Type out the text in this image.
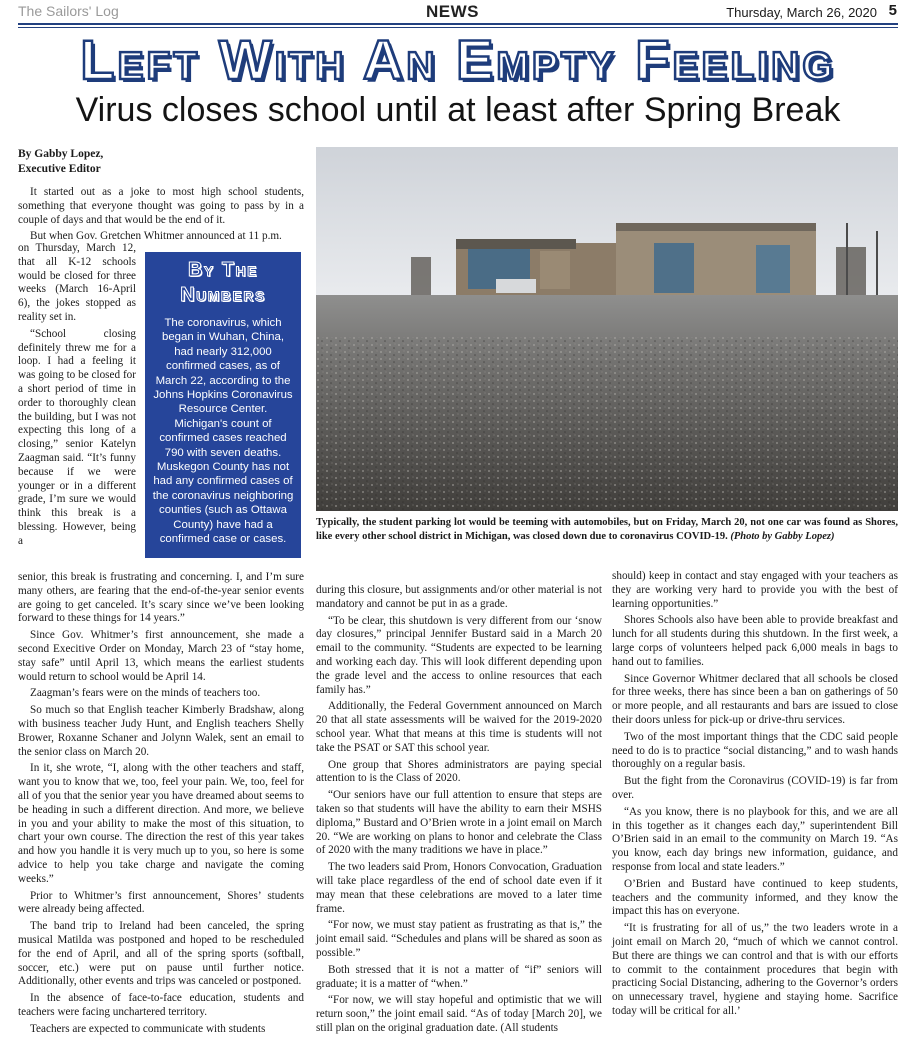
The Sailors' Log	NEWS	Thursday, March 26, 2020 5
Left With An Empty Feeling
Virus closes school until at least after Spring Break
By Gabby Lopez,
Executive Editor

It started out as a joke to most high school students, something that everyone thought was going to pass by in a couple of days and that would be the end of it.

But when Gov. Gretchen Whitmer announced at 11 p.m.

on Thursday, March 12, that all K-12 schools would be closed for three weeks (March 16-April 6), the jokes stopped as reality set in.

“School closing definitely threw me for a loop. I had a feeling it was going to be closed for a short period of time in order to thoroughly clean the building, but I was not expecting this long of a closing,” senior Katelyn Zaagman said. “It’s funny because if we were younger or in a different grade, I’m sure we would think this break is a blessing. However, being a

By The
Numbers
The coronavirus, which began in Wuhan, China, had nearly 312,000 confirmed cases, as of March 22, according to the Johns Hopkins Coronavirus Resource Center. Michigan's count of confirmed cases reached 790 with seven deaths. Muskegon County has not had any confirmed cases of the coronavirus neighboring counties (such as Ottawa County) have had a confirmed case or cases.

senior, this break is frustrating and concerning. I, and I’m sure many others, are fearing that the end-of-the-year senior events are going to get canceled. It’s scary since we’ve been looking forward to these things for 14 years.”

Since Gov. Whitmer’s first announcement, she made a second Execitive Order on Monday, March 23 of “stay home, stay safe” until April 13, which means the earliest students would return to school would be April 14.

Zaagman’s fears were on the minds of teachers too.

So much so that English teacher Kimberly Bradshaw, along with business teacher Judy Hunt, and English teachers Shelly Brower, Roxanne Schaner and Jolynn Walek, sent an email to the senior class on March 20.

In it, she wrote, “I, along with the other teachers and staff, want you to know that we, too, feel your pain. We, too, feel for all of you that the senior year you have dreamed about seems to be heading in such a different direction. And more, we believe in you and your ability to make the most of this situation, to chart your own course. The direction the rest of this year takes and how you handle it is very much up to you, so here is some advice to help you take charge and navigate the coming weeks.”

Prior to Whitmer’s first announcement, Shores’ students were already being affected.

The band trip to Ireland had been canceled, the spring musical Matilda was postponed and hoped to be rescheduled for the end of April, and all of the spring sports (softball, soccer, etc.) were put on pause until further notice. Additionally, other events and trips was canceled or postponed.

In the absence of face-to-face education, students and teachers were facing unchartered territory.

Teachers are expected to communicate with students

Typically, the student parking lot would be teeming with automobiles, but on Friday, March 20, not one car was found as Shores, like every other school district in Michigan, was closed down due to coronavirus COVID-19. (Photo by Gabby Lopez)

during this closure, but assignments and/or other material is not mandatory and cannot be put in as a grade.

“To be clear, this shutdown is very different from our ‘snow day closures,” principal Jennifer Bustard said in a March 20 email to the community. “Students are expected to be learning and working each day. This will look different depending upon the grade level and the access to online resources that each family has.”

Additionally, the Federal Government announced on March 20 that all state assessments will be waived for the 2019-2020 school year. What that means at this time is students will not take the PSAT or SAT this school year.

One group that Shores administrators are paying special attention to is the Class of 2020.

“Our seniors have our full attention to ensure that steps are taken so that students will have the ability to earn their MSHS diploma,” Bustard and O’Brien wrote in a joint email on March 20. “We are working on plans to honor and celebrate the Class of 2020 with the many traditions we have in place.”

The two leaders said Prom, Honors Convocation, Graduation will take place regardless of the end of school date even if it may mean that these celebrations are moved to a later time frame.

“For now, we must stay patient as frustrating as that is,” the joint email said. “Schedules and plans will be shared as soon as possible.”

Both stressed that it is not a matter of “if” seniors will graduate; it is a matter of “when.”

“For now, we will stay hopeful and optimistic that we will return soon,” the joint email said. “As of today [March 20], we still plan on the original graduation date. (All students

should) keep in contact and stay engaged with your teachers as they are working very hard to provide you with the best of learning opportunities.”

Shores Schools also have been able to provide breakfast and lunch for all students during this shutdown. In the first week, a large corps of volunteers helped pack 6,000 meals in bags to hand out to families.

Since Governor Whitmer declared that all schools be closed for three weeks, there has since been a ban on gatherings of 50 or more people, and all restaurants and bars are issued to close their doors unless for pick-up or drive-thru services.

Two of the most important things that the CDC said people need to do is to practice “social distancing,” and to wash hands thoroughly on a regular basis.

But the fight from the Coronavirus (COVID-19) is far from over.

“As you know, there is no playbook for this, and we are all in this together as it changes each day,” superintendent Bill O’Brien said in an email to the community on March 19. “As you know, each day brings new information, guidance, and response from local and state leaders.”

O’Brien and Bustard have continued to keep students, teachers and the community informed, and they know the impact this has on everyone.

“It is frustrating for all of us,” the two leaders wrote in a joint email on March 20, “much of which we cannot control. But there are things we can control and that is with our efforts to commit to the containment procedures that begin with practicing Social Distancing, adhering to the Governor’s orders on unnecessary travel, hygiene and staying home. Sacrifice today will be critical for all.’
